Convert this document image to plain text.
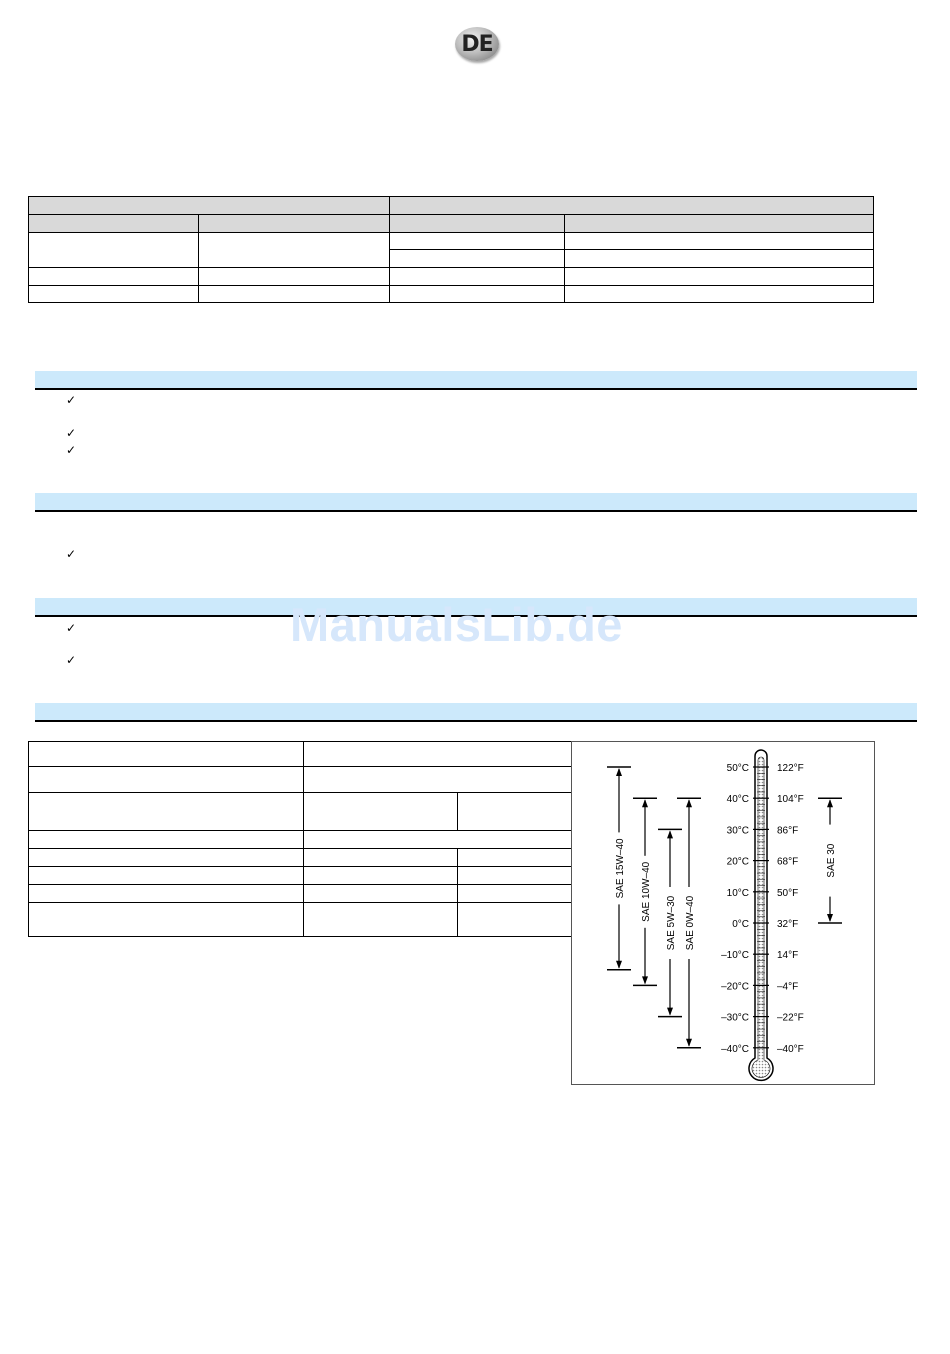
DE

✓
✓
✓
✓
✓
✓
ManualsLib.de

50°C	122°F
40°C	104°F
30°C	86°F
20°C	68°F
10°C	50°F
0°C	32°F
–10°C	14°F
–20°C	–4°F
–30°C	–22°F
–40°C	–40°F
SAE 15W–40 SAE 10W–40
SAE 5W–30 SAE 0W–40
SAE 30
